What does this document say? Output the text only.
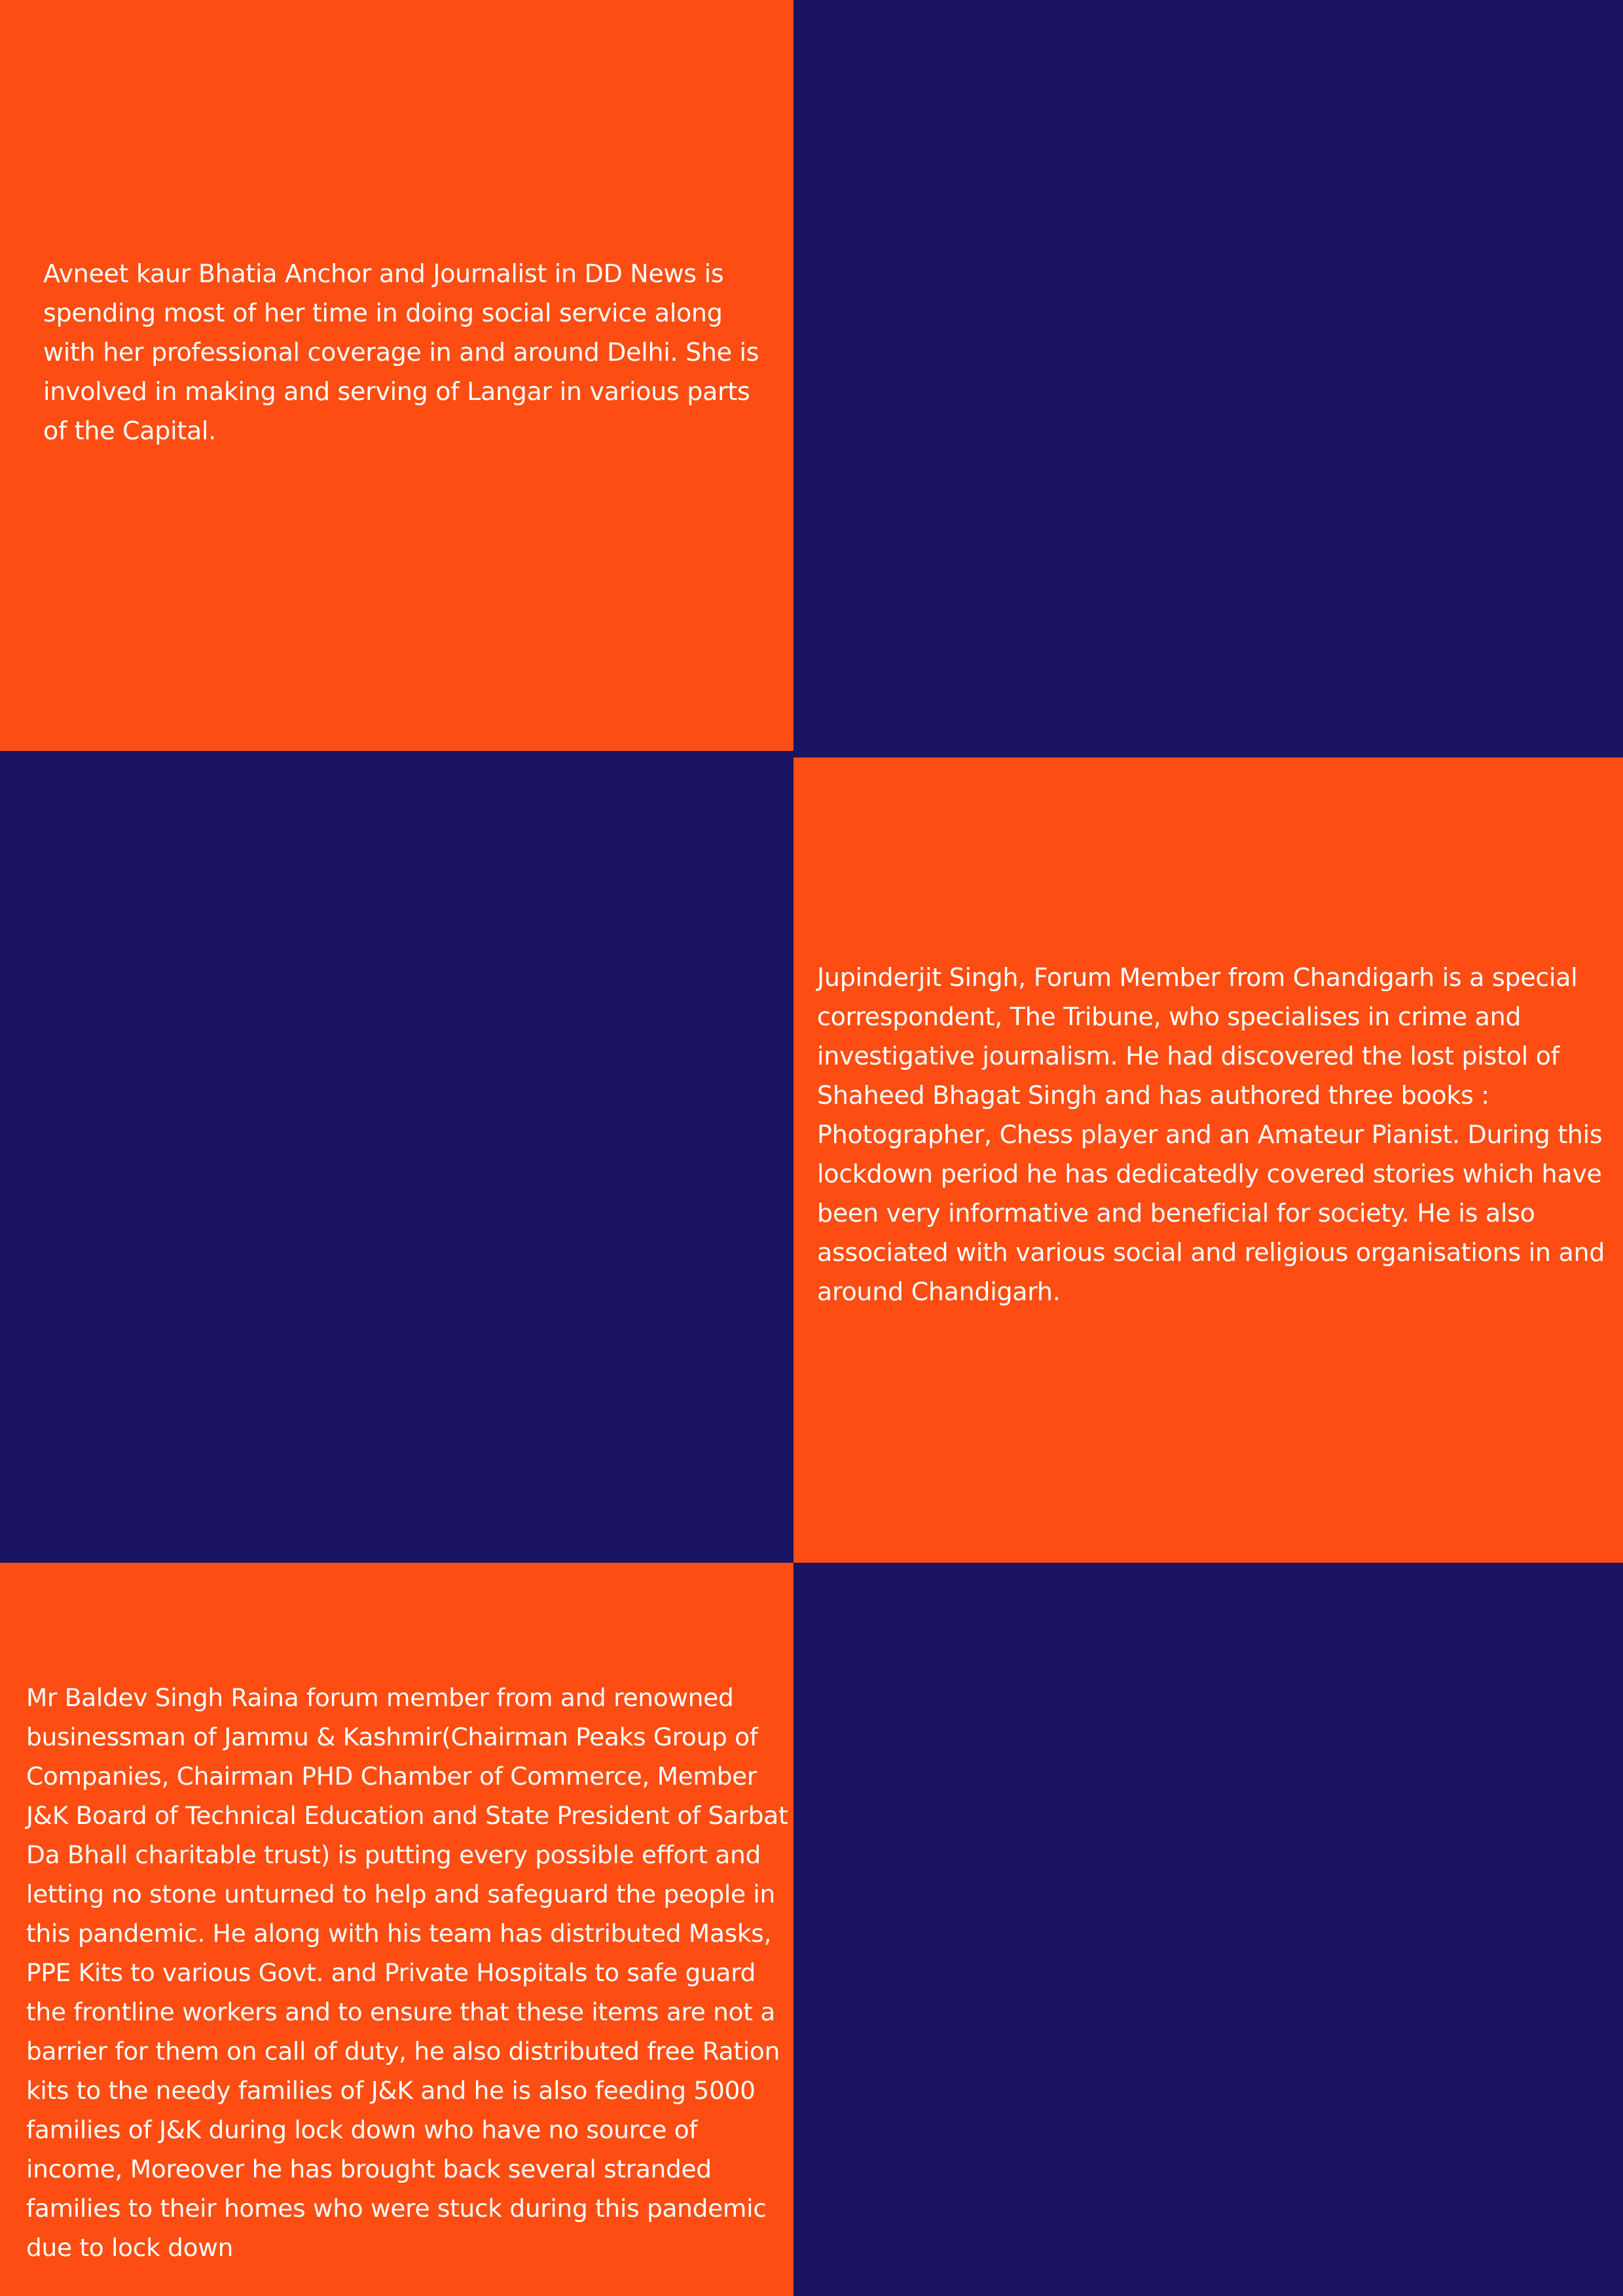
Avneet kaur Bhatia Anchor and Journalist in DD News is spending most of her time in doing social service along with her professional coverage in and around Delhi. She is involved in making and serving of Langar in various parts of the Capital.

Jupinderjit Singh, Forum Member from Chandigarh is a special correspondent, The Tribune, who specialises in crime and investigative journalism. He had discovered the lost pistol of Shaheed Bhagat Singh and has authored three books : Photographer, Chess player and an Amateur Pianist. During this lockdown period he has dedicatedly covered stories which have been very informative and beneficial for society. He is also associated with various social and religious organisations in and around Chandigarh.

Mr Baldev Singh Raina forum member from and renowned businessman of Jammu & Kashmir(Chairman Peaks Group of Companies, Chairman PHD Chamber of Commerce, Member J&K Board of Technical Education and State President of Sarbat Da Bhall charitable trust) is putting every possible effort and letting no stone unturned to help and safeguard the people in this pandemic. He along with his team has distributed Masks, PPE Kits to various Govt. and Private Hospitals to safe guard the frontline workers and to ensure that these items are not a barrier for them on call of duty, he also distributed free Ration kits to the needy families of J&K and he is also feeding 5000 families of J&K during lock down who have no source of income, Moreover he has brought back several stranded families to their homes who were stuck during this pandemic due to lock down
